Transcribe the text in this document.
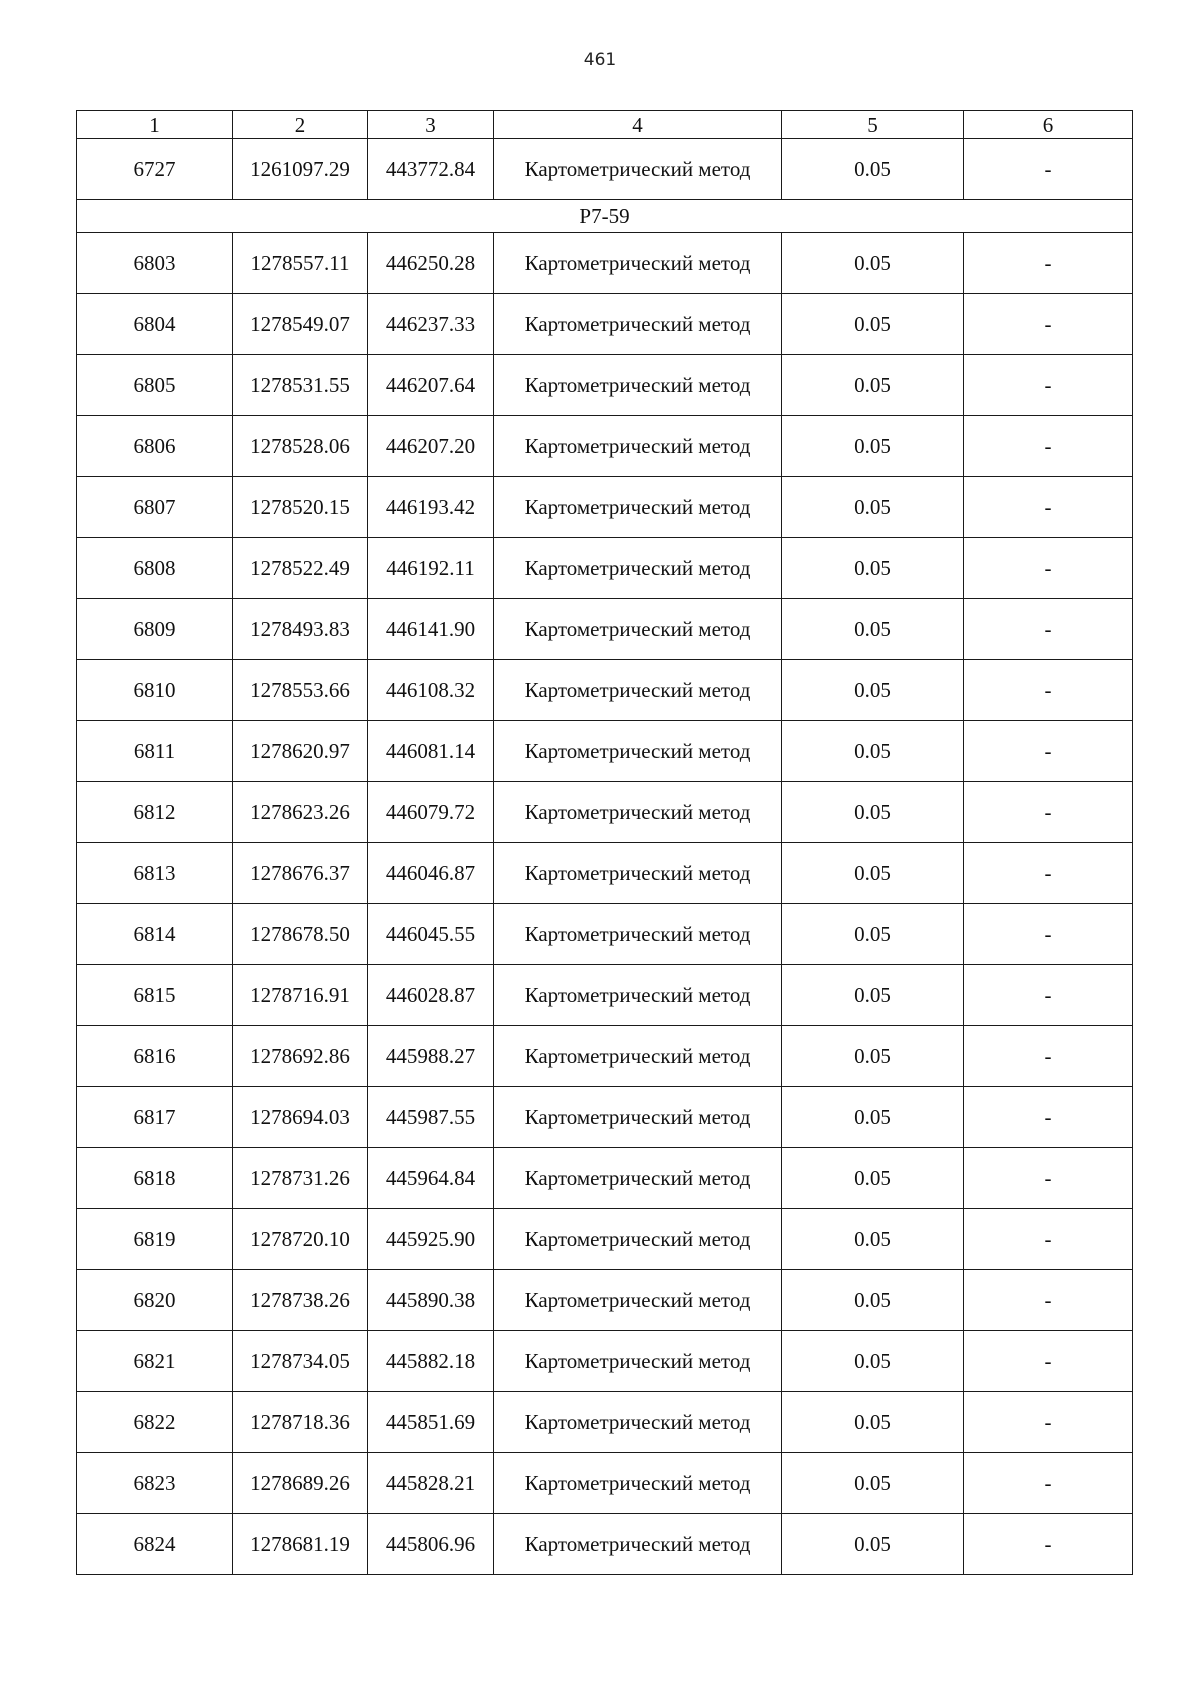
461
1	2	3	4	5	6
6727	1261097.29	443772.84	Картометрический метод	0.05	-
Р7-59					
6803	1278557.11	446250.28	Картометрический метод	0.05	-
6804	1278549.07	446237.33	Картометрический метод	0.05	-
6805	1278531.55	446207.64	Картометрический метод	0.05	-
6806	1278528.06	446207.20	Картометрический метод	0.05	-
6807	1278520.15	446193.42	Картометрический метод	0.05	-
6808	1278522.49	446192.11	Картометрический метод	0.05	-
6809	1278493.83	446141.90	Картометрический метод	0.05	-
6810	1278553.66	446108.32	Картометрический метод	0.05	-
6811	1278620.97	446081.14	Картометрический метод	0.05	-
6812	1278623.26	446079.72	Картометрический метод	0.05	-
6813	1278676.37	446046.87	Картометрический метод	0.05	-
6814	1278678.50	446045.55	Картометрический метод	0.05	-
6815	1278716.91	446028.87	Картометрический метод	0.05	-
6816	1278692.86	445988.27	Картометрический метод	0.05	-
6817	1278694.03	445987.55	Картометрический метод	0.05	-
6818	1278731.26	445964.84	Картометрический метод	0.05	-
6819	1278720.10	445925.90	Картометрический метод	0.05	-
6820	1278738.26	445890.38	Картометрический метод	0.05	-
6821	1278734.05	445882.18	Картометрический метод	0.05	-
6822	1278718.36	445851.69	Картометрический метод	0.05	-
6823	1278689.26	445828.21	Картометрический метод	0.05	-
6824	1278681.19	445806.96	Картометрический метод	0.05	-
